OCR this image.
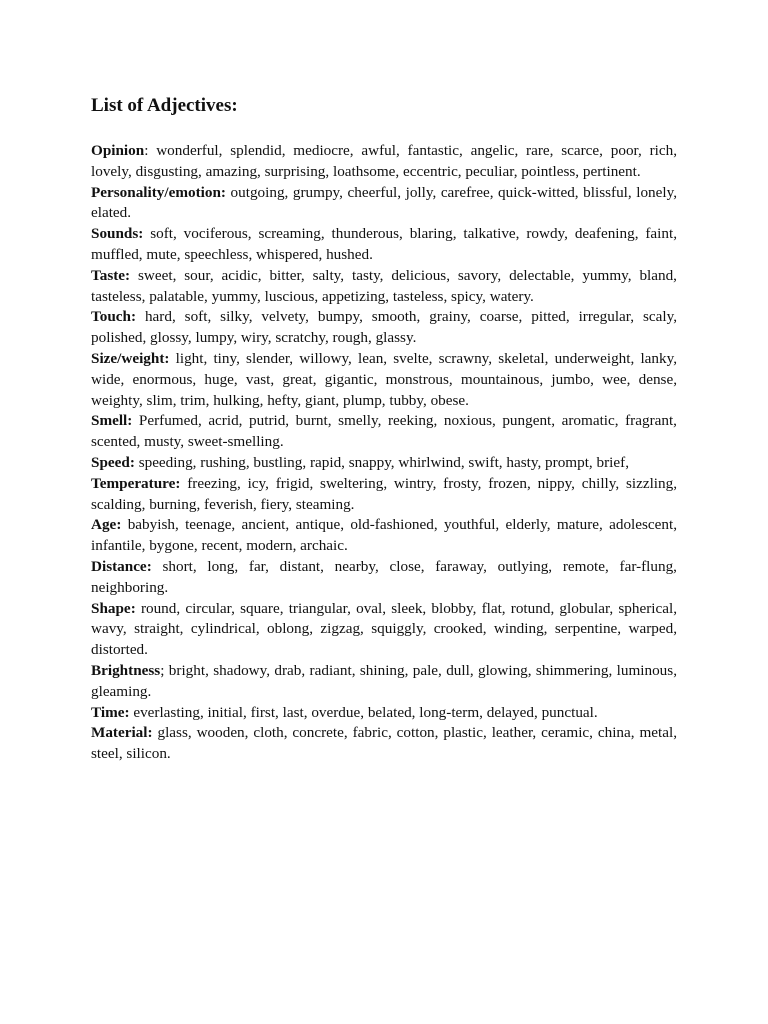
List of Adjectives:

Opinion: wonderful, splendid, mediocre, awful, fantastic, angelic, rare, scarce, poor, rich, lovely, disgusting, amazing, surprising, loathsome, eccentric, peculiar, pointless, pertinent.

Personality/emotion: outgoing, grumpy, cheerful, jolly, carefree, quick-witted, blissful, lonely, elated.

Sounds: soft, vociferous, screaming, thunderous, blaring, talkative, rowdy, deafening, faint, muffled, mute, speechless, whispered, hushed.

Taste: sweet, sour, acidic, bitter, salty, tasty, delicious, savory, delectable, yummy, bland, tasteless, palatable, yummy, luscious, appetizing, tasteless, spicy, watery.

Touch: hard, soft, silky, velvety, bumpy, smooth, grainy, coarse, pitted, irregular, scaly, polished, glossy, lumpy, wiry, scratchy, rough, glassy.

Size/weight: light, tiny, slender, willowy, lean, svelte, scrawny, skeletal, underweight, lanky, wide, enormous, huge, vast, great, gigantic, monstrous, mountainous, jumbo, wee, dense, weighty, slim, trim, hulking, hefty, giant, plump, tubby, obese.

Smell: Perfumed, acrid, putrid, burnt, smelly, reeking, noxious, pungent, aromatic, fragrant, scented, musty, sweet-smelling.

Speed: speeding, rushing, bustling, rapid, snappy, whirlwind, swift, hasty, prompt, brief,

Temperature: freezing, icy, frigid, sweltering, wintry, frosty, frozen, nippy, chilly, sizzling, scalding, burning, feverish, fiery, steaming.

Age: babyish, teenage, ancient, antique, old-fashioned, youthful, elderly, mature, adolescent, infantile, bygone, recent, modern, archaic.

Distance: short, long, far, distant, nearby, close, faraway, outlying, remote, far-flung, neighboring.

Shape: round, circular, square, triangular, oval, sleek, blobby, flat, rotund, globular, spherical, wavy, straight, cylindrical, oblong, zigzag, squiggly, crooked, winding, serpentine, warped, distorted.

Brightness; bright, shadowy, drab, radiant, shining, pale, dull, glowing, shimmering, luminous, gleaming.

Time: everlasting, initial, first, last, overdue, belated, long-term, delayed, punctual.

Material: glass, wooden, cloth, concrete, fabric, cotton, plastic, leather, ceramic, china, metal, steel, silicon.
